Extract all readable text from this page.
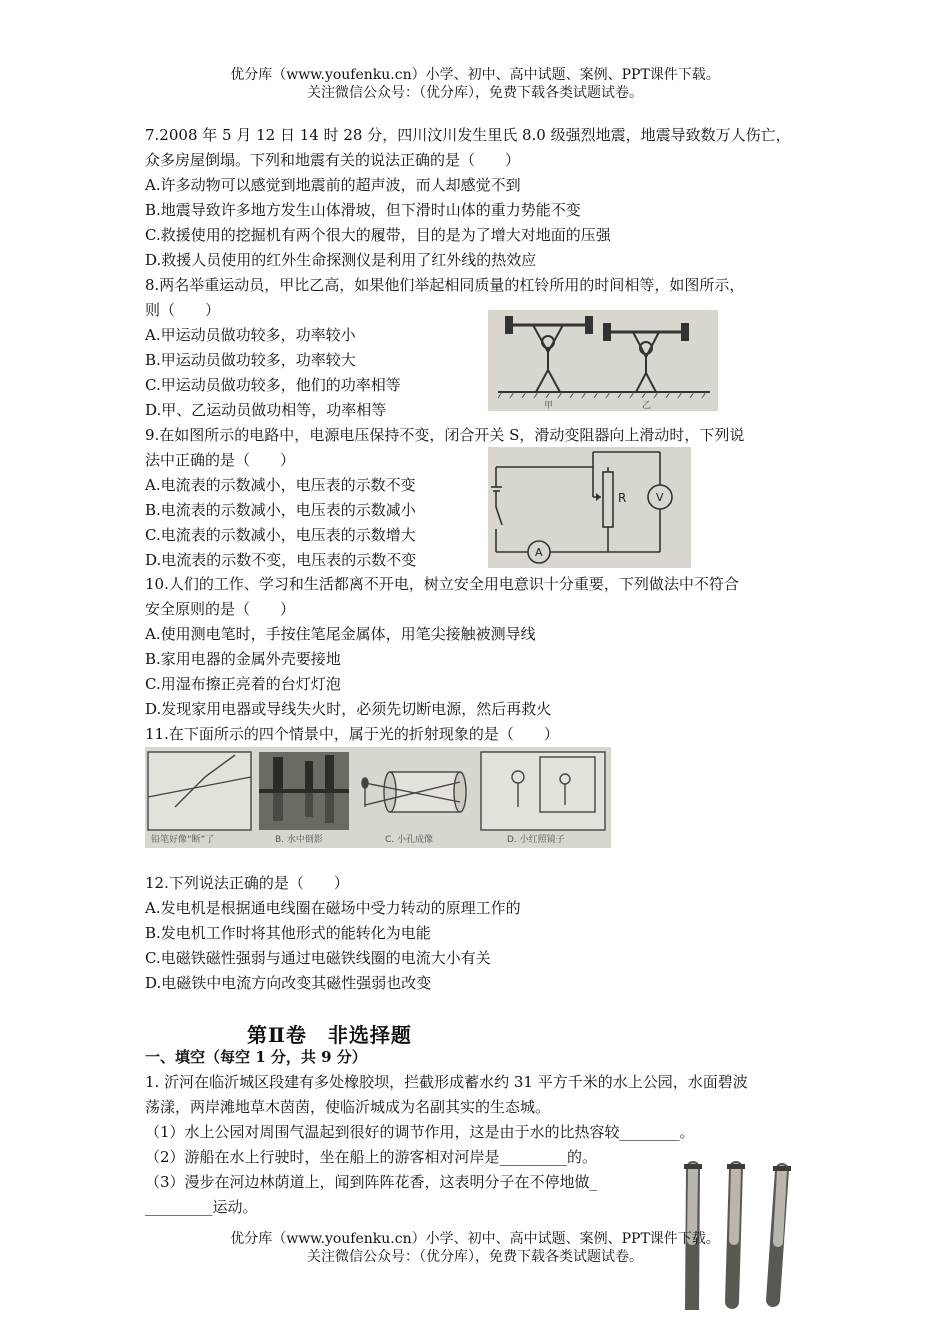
优分库（www.youfenku.cn）小学、初中、高中试题、案例、PPT课件下载。
关注微信公众号：（优分库），免费下载各类试题试卷。
7.2008 年 5 月 12 日 14 时 28 分，四川汶川发生里氏 8.0 级强烈地震，地震导致数万人伤亡，
众多房屋倒塌。下列和地震有关的说法正确的是（　　）
A.许多动物可以感觉到地震前的超声波，而人却感觉不到
B.地震导致许多地方发生山体滑坡，但下滑时山体的重力势能不变
C.救援使用的挖掘机有两个很大的履带，目的是为了增大对地面的压强
D.救援人员使用的红外生命探测仪是利用了红外线的热效应
8.两名举重运动员，甲比乙高，如果他们举起相同质量的杠铃所用的时间相等，如图所示，
则（　　）
A.甲运动员做功较多，功率较小
B.甲运动员做功较多，功率较大
C.甲运动员做功较多，他们的功率相等
D.甲、乙运动员做功相等，功率相等	甲	乙
9.在如图所示的电路中，电源电压保持不变，闭合开关 S，滑动变阻器向上滑动时，下列说
法中正确的是（　　）
A.电流表的示数减小，电压表的示数不变
B.电流表的示数减小，电压表的示数减小
C.电流表的示数减小，电压表的示数增大
D.电流表的示数不变，电压表的示数不变
R	V
A
10.人们的工作、学习和生活都离不开电，树立安全用电意识十分重要，下列做法中不符合
安全原则的是（　　）
A.使用测电笔时，手按住笔尾金属体，用笔尖接触被测导线
B.家用电器的金属外壳要接地
C.用湿布擦正亮着的台灯灯泡
D.发现家用电器或导线失火时，必须先切断电源，然后再救火
11.在下面所示的四个情景中，属于光的折射现象的是（　　）
铅笔好像“断”了	B. 水中倒影	C. 小孔成像	D. 小红照镜子
12.下列说法正确的是（　　）
A.发电机是根据通电线圈在磁场中受力转动的原理工作的
B.发电机工作时将其他形式的能转化为电能
C.电磁铁磁性强弱与通过电磁铁线圈的电流大小有关
D.电磁铁中电流方向改变其磁性强弱也改变
第Ⅱ卷　非选择题
一、填空（每空 1 分，共 9 分）
1. 沂河在临沂城区段建有多处橡胶坝，拦截形成蓄水约 31 平方千米的水上公园，水面碧波
荡漾，两岸滩地草木茵茵，使临沂城成为名副其实的生态城。
（1）水上公园对周围气温起到很好的调节作用，这是由于水的比热容较________。
（2）游船在水上行驶时，坐在船上的游客相对河岸是_________的。
（3）漫步在河边林荫道上，闻到阵阵花香，这表明分子在不停地做_
_________运动。
优分库（www.youfenku.cn）小学、初中、高中试题、案例、PPT课件下载。
关注微信公众号：（优分库），免费下载各类试题试卷。
